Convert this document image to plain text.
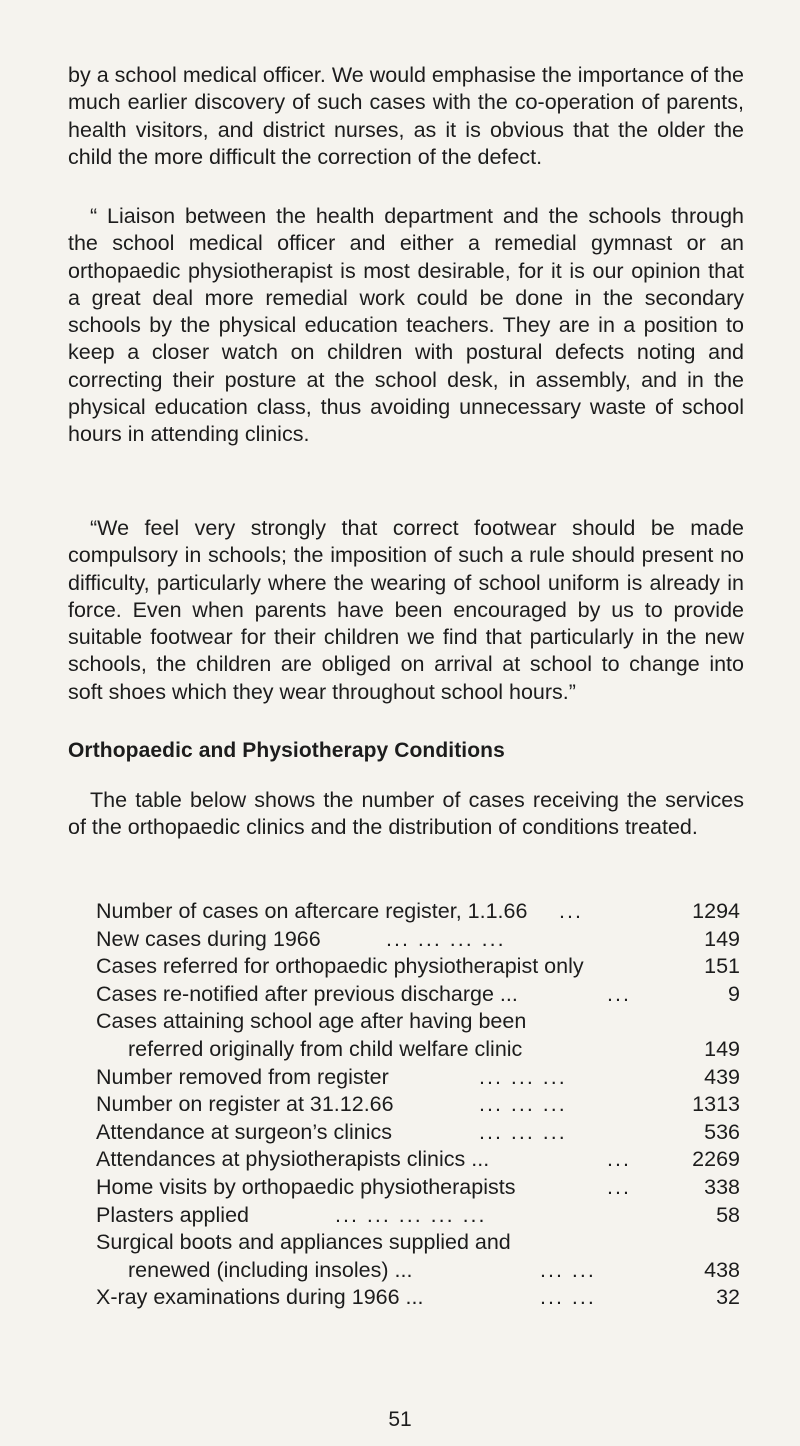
by a school medical officer. We would emphasise the importance of the much earlier discovery of such cases with the co-operation of parents, health visitors, and district nurses, as it is obvious that the older the child the more difficult the correction of the defect.

“ Liaison between the health department and the schools through the school medical officer and either a remedial gymnast or an orthopaedic physiotherapist is most desirable, for it is our opinion that a great deal more remedial work could be done in the secondary schools by the physical education teachers. They are in a position to keep a closer watch on children with postural defects noting and correcting their posture at the school desk, in assembly, and in the physical education class, thus avoiding unnecessary waste of school hours in attending clinics.

“We feel very strongly that correct footwear should be made compulsory in schools; the imposition of such a rule should present no difficulty, particularly where the wearing of school uniform is already in force. Even when parents have been encouraged by us to provide suitable footwear for their children we find that particularly in the new schools, the children are obliged on arrival at school to change into soft shoes which they wear throughout school hours.”

Orthopaedic and Physiotherapy Conditions

The table below shows the number of cases receiving the services of the orthopaedic clinics and the distribution of conditions treated.

Number of cases on aftercare register, 1.1.66 ...	1294
New cases during 1966	... ... ... ...	149
Cases referred for orthopaedic physiotherapist only	151
Cases re-notified after previous discharge ...	...	9
Cases attaining school age after having been
referred originally from child welfare clinic	149
Number removed from register	... ... ...	439
Number on register at 31.12.66	... ... ...	1313
Attendance at surgeon’s clinics	... ... ...	536
Attendances at physiotherapists clinics ...	...	2269
Home visits by orthopaedic physiotherapists	...	338
Plasters applied	... ... ... ... ...	58
Surgical boots and appliances supplied and
renewed (including insoles) ...	... ...	438
X-ray examinations during 1966 ...	... ...	32
51
